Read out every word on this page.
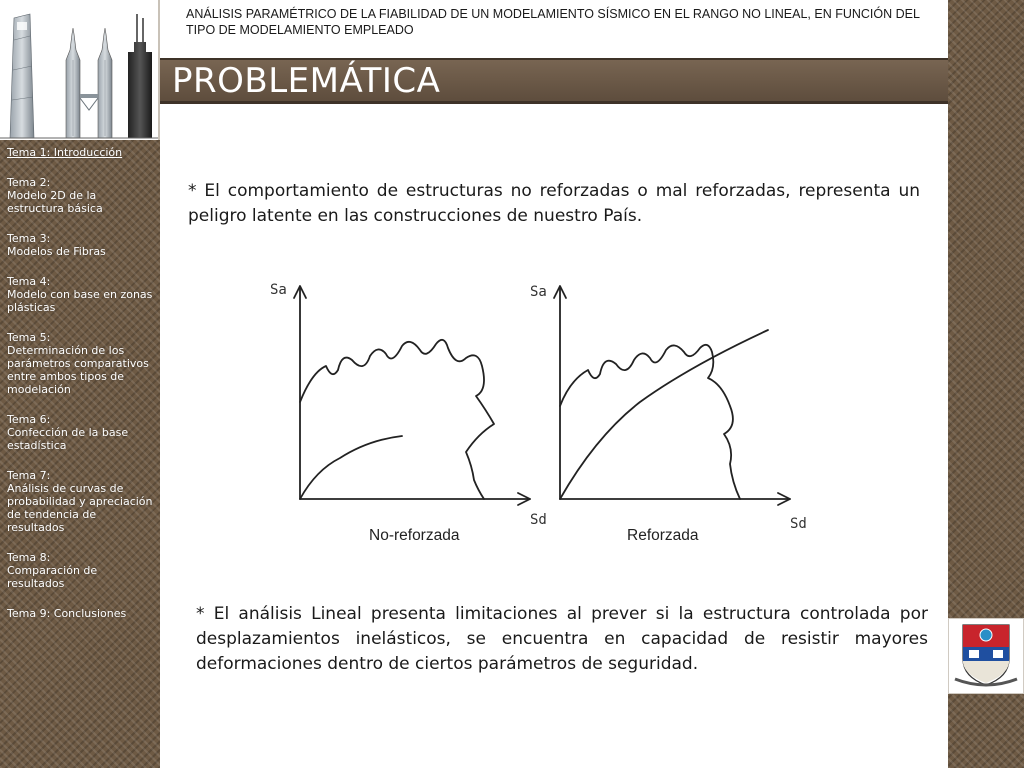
Tema 1: Introducción
Tema 2:
Modelo 2D de la estructura básica
Tema 3:
Modelos de Fibras
Tema 4:
Modelo con base en zonas plásticas
Tema 5:
Determinación de los parámetros comparativos entre ambos tipos de modelación
Tema 6:
Confección de la base estadística
Tema 7:
Análisis de curvas de probabilidad y apreciación de tendencia de resultados
Tema 8:
Comparación de resultados
Tema 9: Conclusiones
ANÁLISIS PARAMÉTRICO DE LA FIABILIDAD DE UN MODELAMIENTO SÍSMICO EN EL RANGO NO LINEAL, EN FUNCIÓN DEL TIPO DE MODELAMIENTO EMPLEADO
PROBLEMÁTICA

* El comportamiento de estructuras no reforzadas o mal reforzadas, representa un peligro latente en las construcciones de nuestro País.

Sa
Sd
Sa
Sd
No-reforzada	Reforzada

* El análisis Lineal presenta limitaciones al prever si la estructura controlada por desplazamientos inelásticos, se encuentra en capacidad de resistir mayores deformaciones dentro de ciertos parámetros de seguridad.
